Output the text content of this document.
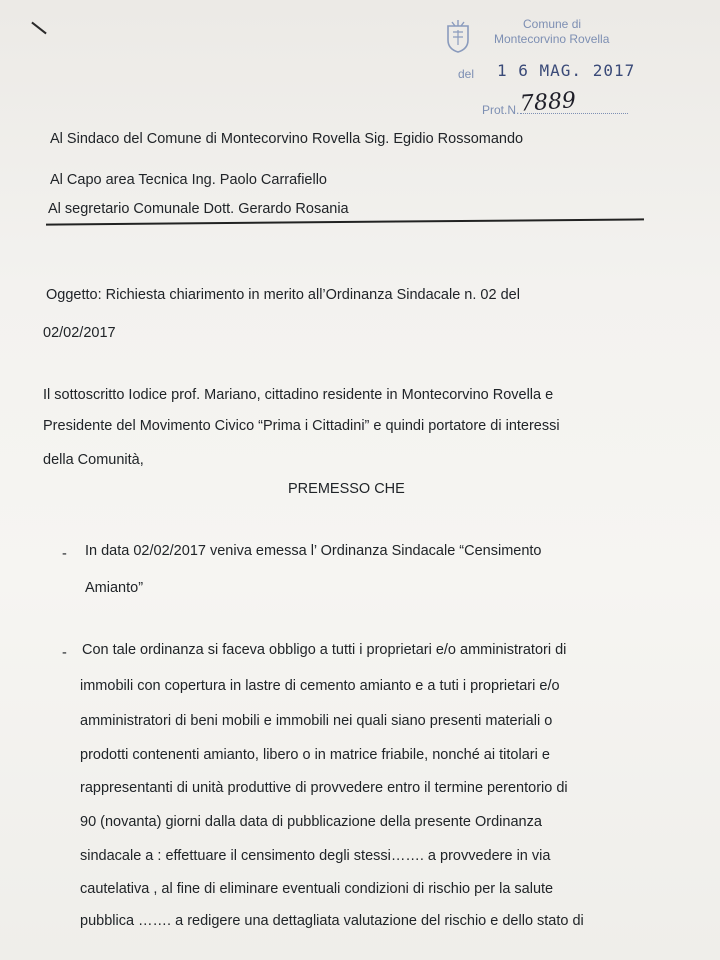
Comune di
Montecorvino Rovella
del 1 6 MAG. 2017
Prot.N. 7889
Al Sindaco del Comune di Montecorvino Rovella Sig. Egidio Rossomando
Al Capo area Tecnica Ing. Paolo Carrafiello
Al segretario Comunale Dott. Gerardo Rosania
Oggetto: Richiesta chiarimento in merito all’Ordinanza Sindacale n. 02 del
02/02/2017
Il sottoscritto Iodice prof. Mariano, cittadino residente in Montecorvino Rovella e
Presidente del Movimento Civico “Prima i Cittadini” e quindi portatore di interessi
della Comunità,
PREMESSO CHE
- In data 02/02/2017 veniva emessa l’ Ordinanza Sindacale “Censimento
Amianto”
- Con tale ordinanza si faceva obbligo a tutti i proprietari e/o amministratori di
immobili con copertura in lastre di cemento amianto e a tuti i proprietari e/o
amministratori di beni mobili e immobili nei quali siano presenti materiali o
prodotti contenenti amianto, libero o in matrice friabile, nonché ai titolari e
rappresentanti di unità produttive di provvedere entro il termine perentorio di
90 (novanta) giorni dalla data di pubblicazione della presente Ordinanza
sindacale a : effettuare il censimento degli stessi……. a provvedere in via
cautelativa , al fine di eliminare eventuali condizioni di rischio per la salute
pubblica ……. a redigere una dettagliata valutazione del rischio e dello stato di
